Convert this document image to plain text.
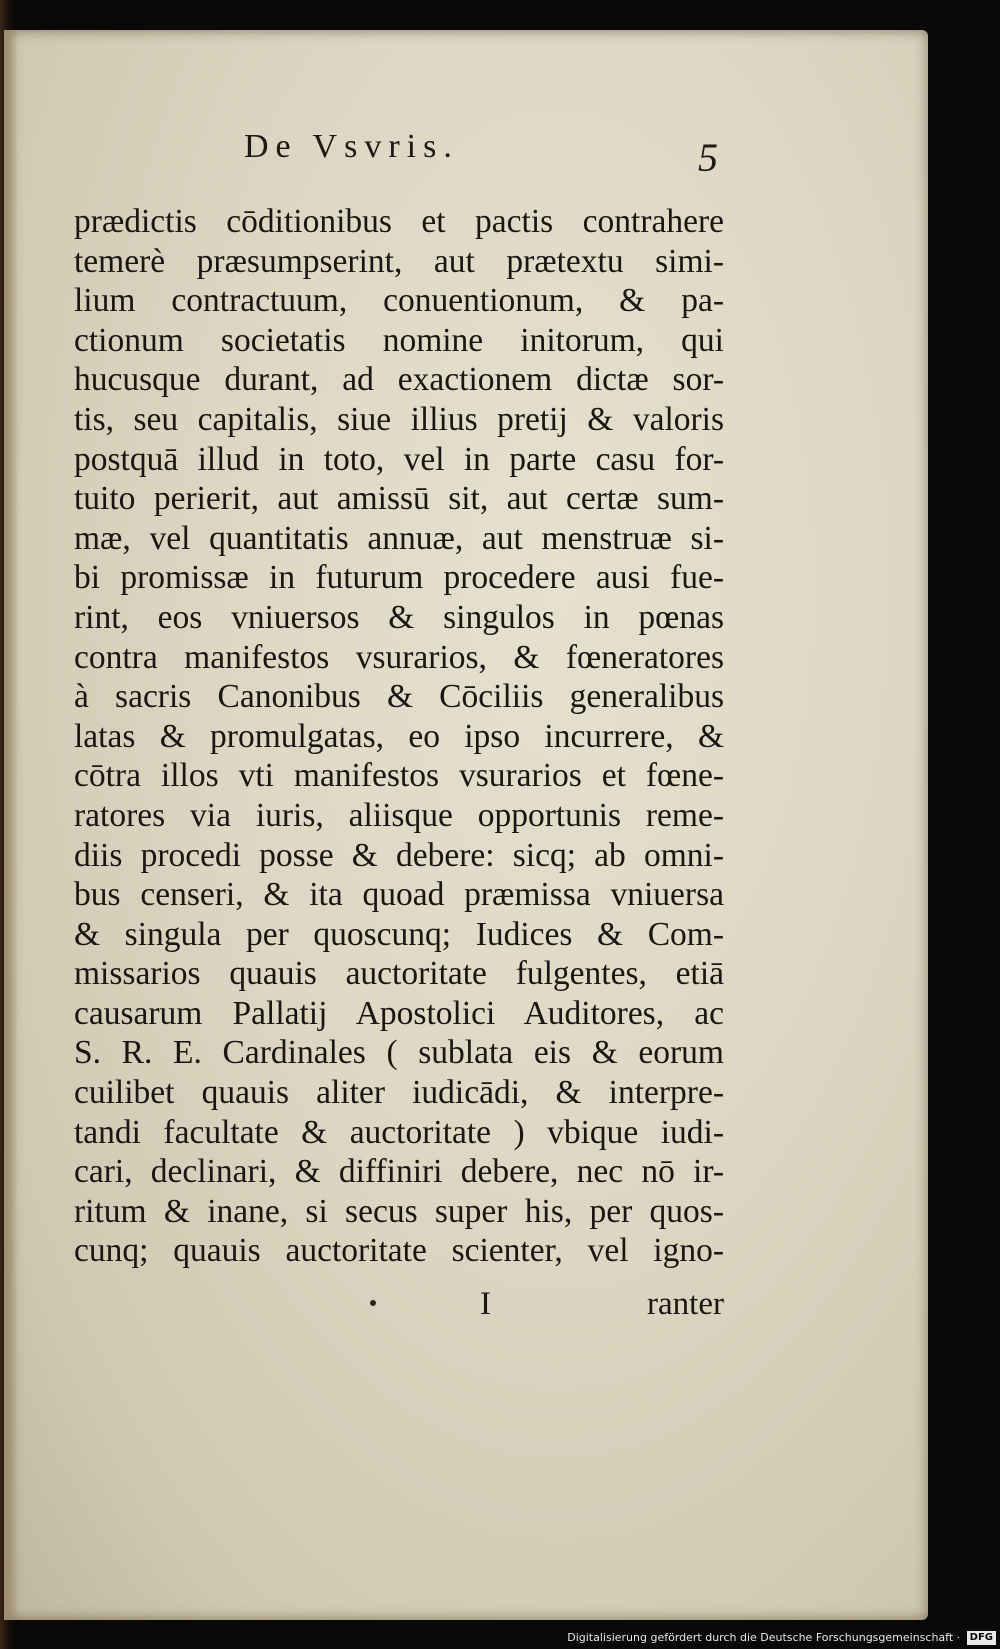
De Vsvris.	5
prædictis cōditionibus et pactis contrahere
temerè præsumpserint, aut prætextu simi-
lium contractuum, conuentionum, & pa-
ctionum societatis nomine initorum, qui
hucusque durant, ad exactionem dictæ sor-
tis, seu capitalis, siue illius pretij & valoris
postquā illud in toto, vel in parte casu for-
tuito perierit, aut amissū sit, aut certæ sum-
mæ, vel quantitatis annuæ, aut menstruæ si-
bi promissæ in futurum procedere ausi fue-
rint, eos vniuersos & singulos in pœnas
contra manifestos vsurarios, & fœneratores
à sacris Canonibus & Cōciliis generalibus
latas & promulgatas, eo ipso incurrere, &
cōtra illos vti manifestos vsurarios et fœne-
ratores via iuris, aliisque opportunis reme-
diis procedi posse & debere: sicq; ab omni-
bus censeri, & ita quoad præmissa vniuersa
& singula per quoscunq; Iudices & Com-
missarios quauis auctoritate fulgentes, etiā
causarum Pallatij Apostolici Auditores, ac
S. R. E. Cardinales ( sublata eis & eorum
cuilibet quauis aliter iudicādi, & interpre-
tandi facultate & auctoritate ) vbique iudi-
cari, declinari, & diffiniri debere, nec nō ir-
ritum & inane, si secus super his, per quos-
cunq; quauis auctoritate scienter, vel igno-
I	ranter
Digitalisierung gefördert durch die Deutsche Forschungsgemeinschaft · DFG
